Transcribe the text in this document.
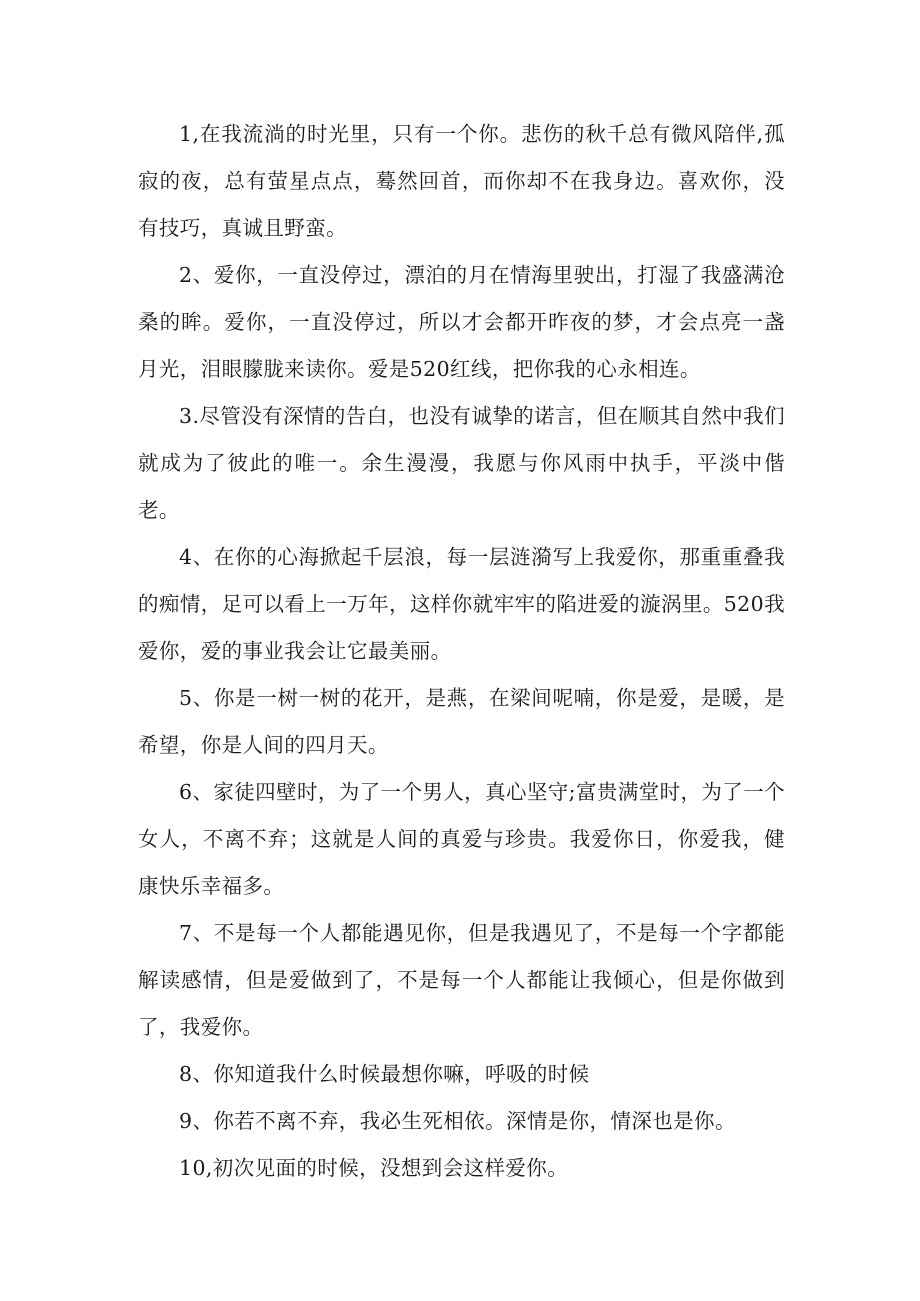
1,在我流淌的时光里，只有一个你。悲伤的秋千总有微风陪伴,孤寂的夜，总有萤星点点，蓦然回首，而你却不在我身边。喜欢你，没有技巧，真诚且野蛮。

2、爱你，一直没停过，漂泊的月在情海里驶出，打湿了我盛满沧桑的眸。爱你，一直没停过，所以才会都开昨夜的梦，才会点亮一盏月光，泪眼朦胧来读你。爱是520红线，把你我的心永相连。

3.尽管没有深情的告白，也没有诚挚的诺言，但在顺其自然中我们就成为了彼此的唯一。余生漫漫，我愿与你风雨中执手，平淡中偕老。

4、在你的心海掀起千层浪，每一层涟漪写上我爱你，那重重叠我的痴情，足可以看上一万年，这样你就牢牢的陷进爱的漩涡里。520我爱你，爱的事业我会让它最美丽。

5、你是一树一树的花开，是燕，在梁间呢喃，你是爱，是暖，是希望，你是人间的四月天。

6、家徒四壁时，为了一个男人，真心坚守;富贵满堂时，为了一个女人，不离不弃；这就是人间的真爱与珍贵。我爱你日，你爱我，健康快乐幸福多。

7、不是每一个人都能遇见你，但是我遇见了，不是每一个字都能解读感情，但是爱做到了，不是每一个人都能让我倾心，但是你做到了，我爱你。

8、你知道我什么时候最想你嘛，呼吸的时候

9、你若不离不弃，我必生死相依。深情是你，情深也是你。

10,初次见面的时候，没想到会这样爱你。
